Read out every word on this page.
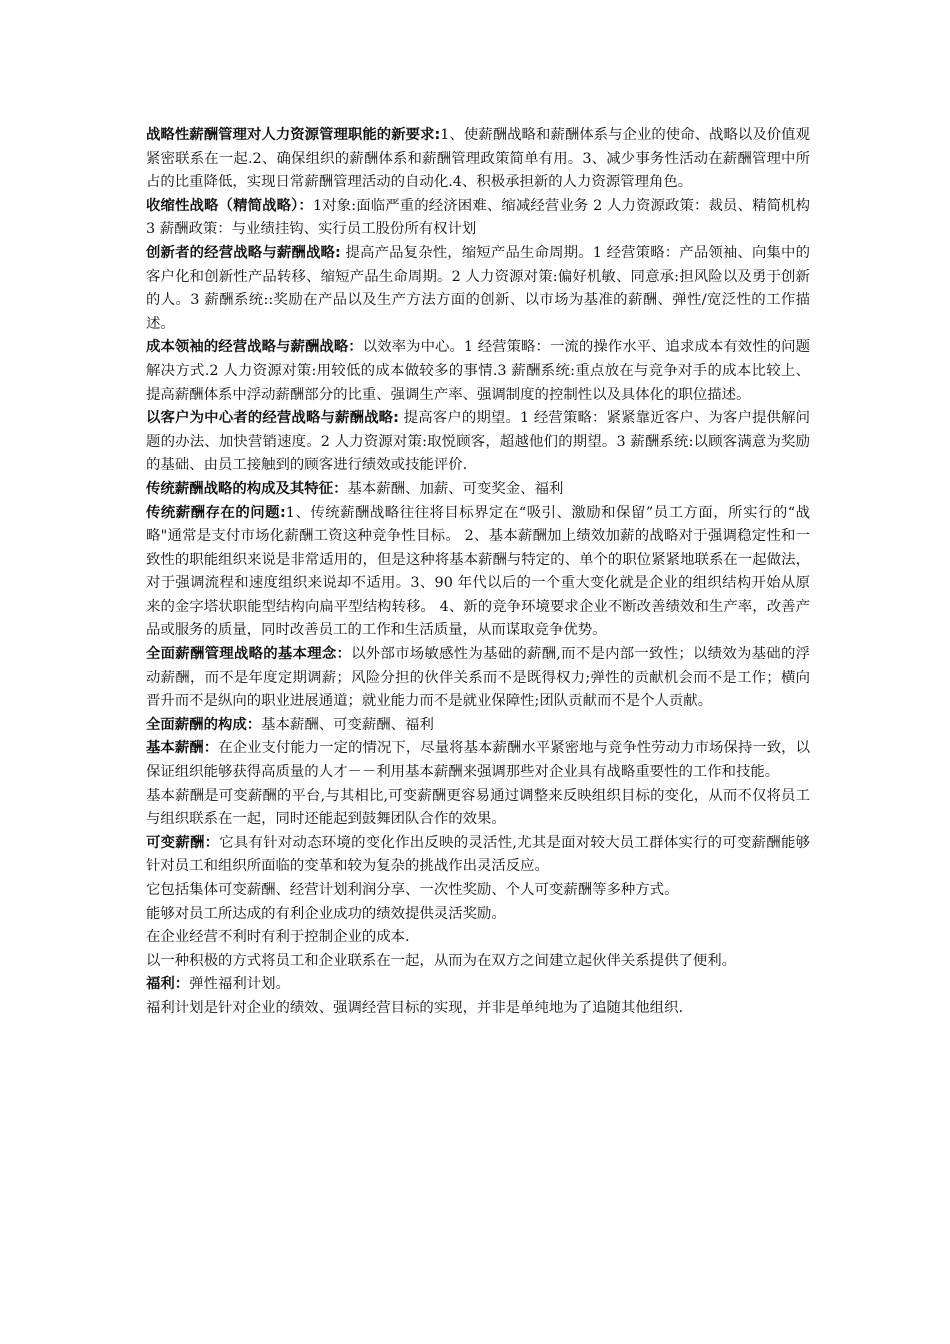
战略性薪酬管理对人力资源管理职能的新要求:1、使薪酬战略和薪酬体系与企业的使命、战略以及价值观紧密联系在一起.2、确保组织的薪酬体系和薪酬管理政策简单有用。3、减少事务性活动在薪酬管理中所占的比重降低，实现日常薪酬管理活动的自动化.4、积极承担新的人力资源管理角色。

收缩性战略（精简战略）：1对象:面临严重的经济困难、缩减经营业务 2 人力资源政策：裁员、精简机构 3 薪酬政策：与业绩挂钩、实行员工股份所有权计划

创新者的经营战略与薪酬战略: 提高产品复杂性，缩短产品生命周期。1 经营策略：产品领袖、向集中的客户化和创新性产品转移、缩短产品生命周期。2 人力资源对策:偏好机敏、同意承:担风险以及勇于创新的人。3 薪酬系统::奖励在产品以及生产方法方面的创新、以市场为基准的薪酬、弹性/宽泛性的工作描述。

成本领袖的经营战略与薪酬战略：以效率为中心。1 经营策略：一流的操作水平、追求成本有效性的问题解决方式.2 人力资源对策:用较低的成本做较多的事情.3 薪酬系统:重点放在与竞争对手的成本比较上、提高薪酬体系中浮动薪酬部分的比重、强调生产率、强调制度的控制性以及具体化的职位描述。

以客户为中心者的经营战略与薪酬战略: 提高客户的期望。1 经营策略：紧紧靠近客户、为客户提供解问题的办法、加快营销速度。2 人力资源对策:取悦顾客，超越他们的期望。3 薪酬系统:以顾客满意为奖励的基础、由员工接触到的顾客进行绩效或技能评价.

传统薪酬战略的构成及其特征：基本薪酬、加薪、可变奖金、福利

传统薪酬存在的问题:1、传统薪酬战略往往将目标界定在“吸引、激励和保留”员工方面，所实行的“战略"通常是支付市场化薪酬工资这种竞争性目标。 2、基本薪酬加上绩效加薪的战略对于强调稳定性和一致性的职能组织来说是非常适用的，但是这种将基本薪酬与特定的、单个的职位紧紧地联系在一起做法，对于强调流程和速度组织来说却不适用。3、90 年代以后的一个重大变化就是企业的组织结构开始从原来的金字塔状职能型结构向扁平型结构转移。 4、新的竞争环境要求企业不断改善绩效和生产率，改善产品或服务的质量，同时改善员工的工作和生活质量，从而谋取竞争优势。

全面薪酬管理战略的基本理念：以外部市场敏感性为基础的薪酬,而不是内部一致性；以绩效为基础的浮动薪酬，而不是年度定期调薪；风险分担的伙伴关系而不是既得权力;弹性的贡献机会而不是工作；横向晋升而不是纵向的职业进展通道；就业能力而不是就业保障性;团队贡献而不是个人贡献。

全面薪酬的构成：基本薪酬、可变薪酬、福利

基本薪酬：在企业支付能力一定的情况下，尽量将基本薪酬水平紧密地与竞争性劳动力市场保持一致，以保证组织能够获得高质量的人才－－利用基本薪酬来强调那些对企业具有战略重要性的工作和技能。

基本薪酬是可变薪酬的平台,与其相比,可变薪酬更容易通过调整来反映组织目标的变化，从而不仅将员工与组织联系在一起，同时还能起到鼓舞团队合作的效果。

可变薪酬：它具有针对动态环境的变化作出反映的灵活性,尤其是面对较大员工群体实行的可变薪酬能够针对员工和组织所面临的变革和较为复杂的挑战作出灵活反应。

它包括集体可变薪酬、经营计划利润分享、一次性奖励、个人可变薪酬等多种方式。

能够对员工所达成的有利企业成功的绩效提供灵活奖励。

在企业经营不利时有利于控制企业的成本.

以一种积极的方式将员工和企业联系在一起，从而为在双方之间建立起伙伴关系提供了便利。

福利：弹性福利计划。

福利计划是针对企业的绩效、强调经营目标的实现，并非是单纯地为了追随其他组织.
